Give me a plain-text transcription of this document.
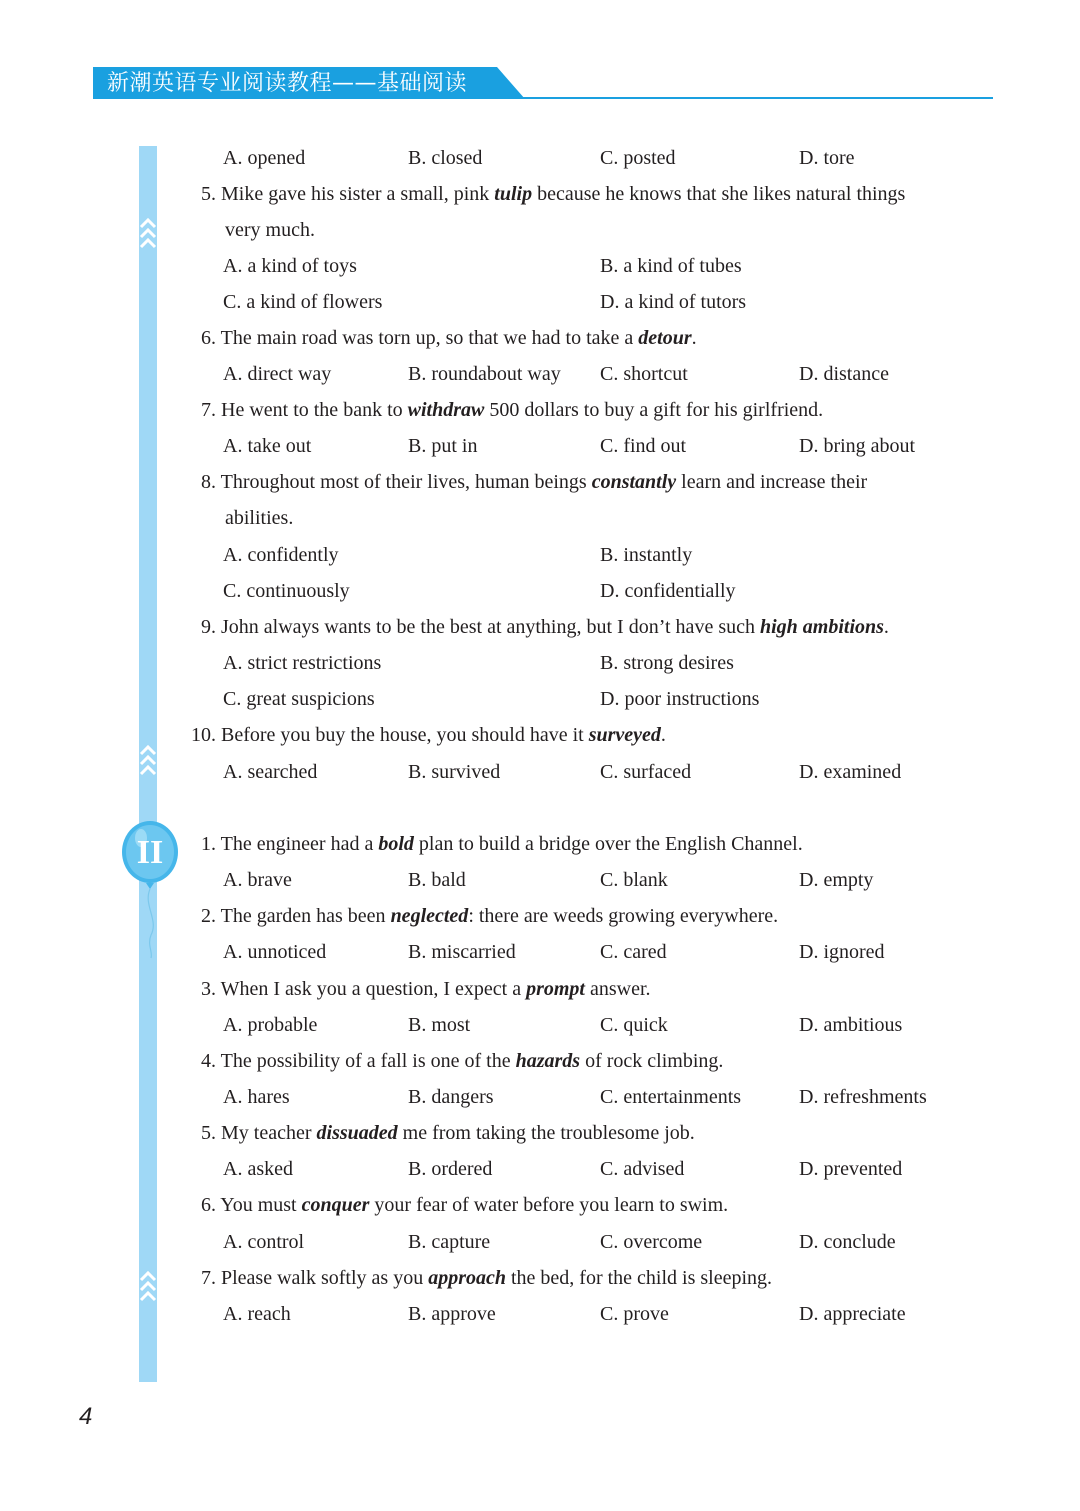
新潮英语专业阅读教程——基础阅读
II
A. opened	B. closed	C. posted	D. tore
5. Mike gave his sister a small, pink tulip because he knows that she likes natural things
very much.
A. a kind of toys	B. a kind of tubes
C. a kind of flowers	D. a kind of tutors
6. The main road was torn up, so that we had to take a detour.
A. direct way	B. roundabout way C. shortcut	D. distance
7. He went to the bank to withdraw 500 dollars to buy a gift for his girlfriend.
A. take out	B. put in	C. find out	D. bring about
8. Throughout most of their lives, human beings constantly learn and increase their
abilities.
A. confidently	B. instantly
C. continuously	D. confidentially
9. John always wants to be the best at anything, but I don’t have such high ambitions.
A. strict restrictions	B. strong desires
C. great suspicions	D. poor instructions
10. Before you buy the house, you should have it surveyed.
A. searched	B. survived	C. surfaced	D. examined
1. The engineer had a bold plan to build a bridge over the English Channel.
A. brave	B. bald	C. blank	D. empty
2. The garden has been neglected: there are weeds growing everywhere.
A. unnoticed	B. miscarried	C. cared	D. ignored
3. When I ask you a question, I expect a prompt answer.
A. probable	B. most	C. quick	D. ambitious
4. The possibility of a fall is one of the hazards of rock climbing.
A. hares	B. dangers	C. entertainments	D. refreshments
5. My teacher dissuaded me from taking the troublesome job.
A. asked	B. ordered	C. advised	D. prevented
6. You must conquer your fear of water before you learn to swim.
A. control	B. capture	C. overcome	D. conclude
7. Please walk softly as you approach the bed, for the child is sleeping.
A. reach	B. approve	C. prove	D. appreciate
4
